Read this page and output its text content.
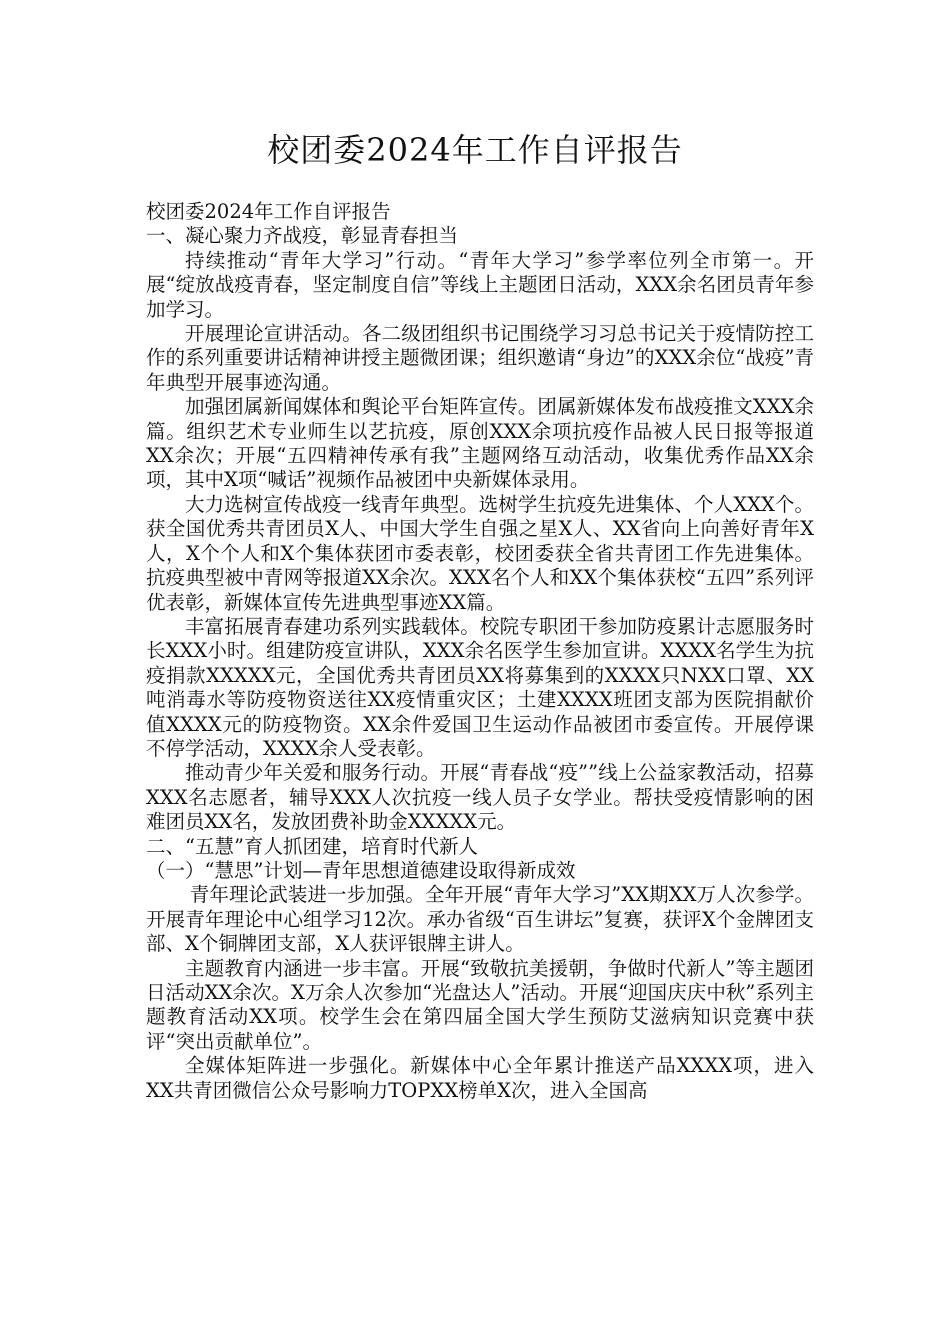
校团委2024年工作自评报告

校团委2024年工作自评报告

一、凝心聚力齐战疫，彰显青春担当

持续推动“青年大学习”行动。“青年大学习”参学率位列全市第一。开展“绽放战疫青春，坚定制度自信”等线上主题团日活动，XXX余名团员青年参加学习。

开展理论宣讲活动。各二级团组织书记围绕学习习总书记关于疫情防控工作的系列重要讲话精神讲授主题微团课；组织邀请“身边”的XXX余位“战疫”青年典型开展事迹沟通。

加强团属新闻媒体和舆论平台矩阵宣传。团属新媒体发布战疫推文XXX余篇。组织艺术专业师生以艺抗疫，原创XXX余项抗疫作品被人民日报等报道XX余次；开展“五四精神传承有我”主题网络互动活动，收集优秀作品XX余项，其中X项“喊话”视频作品被团中央新媒体录用。

大力选树宣传战疫一线青年典型。选树学生抗疫先进集体、个人XXX个。获全国优秀共青团员X人、中国大学生自强之星X人、XX省向上向善好青年X人，X个个人和X个集体获团市委表彰，校团委获全省共青团工作先进集体。抗疫典型被中青网等报道XX余次。XXX名个人和XX个集体获校“五四”系列评优表彰，新媒体宣传先进典型事迹XX篇。

丰富拓展青春建功系列实践载体。校院专职团干参加防疫累计志愿服务时长XXX小时。组建防疫宣讲队，XXX余名医学生参加宣讲。XXXX名学生为抗疫捐款XXXXX元，全国优秀共青团员XX将募集到的XXXX只NXX口罩、XX吨消毒水等防疫物资送往XX疫情重灾区；土建XXXX班团支部为医院捐献价值XXXX元的防疫物资。XX余件爱国卫生运动作品被团市委宣传。开展停课不停学活动，XXXX余人受表彰。

推动青少年关爱和服务行动。开展“青春战“疫””线上公益家教活动，招募XXX名志愿者，辅导XXX人次抗疫一线人员子女学业。帮扶受疫情影响的困难团员XX名，发放团费补助金XXXXX元。

二、“五慧”育人抓团建，培育时代新人

（一）“慧思”计划—青年思想道德建设取得新成效

青年理论武装进一步加强。全年开展“青年大学习”XX期XX万人次参学。开展青年理论中心组学习12次。承办省级“百生讲坛”复赛，获评X个金牌团支部、X个铜牌团支部，X人获评银牌主讲人。

主题教育内涵进一步丰富。开展“致敬抗美援朝，争做时代新人”等主题团日活动XX余次。X万余人次参加“光盘达人”活动。开展“迎国庆庆中秋”系列主题教育活动XX项。校学生会在第四届全国大学生预防艾滋病知识竞赛中获评“突出贡献单位”。

全媒体矩阵进一步强化。新媒体中心全年累计推送产品XXXX项，进入XX共青团微信公众号影响力TOPXX榜单X次，进入全国高
